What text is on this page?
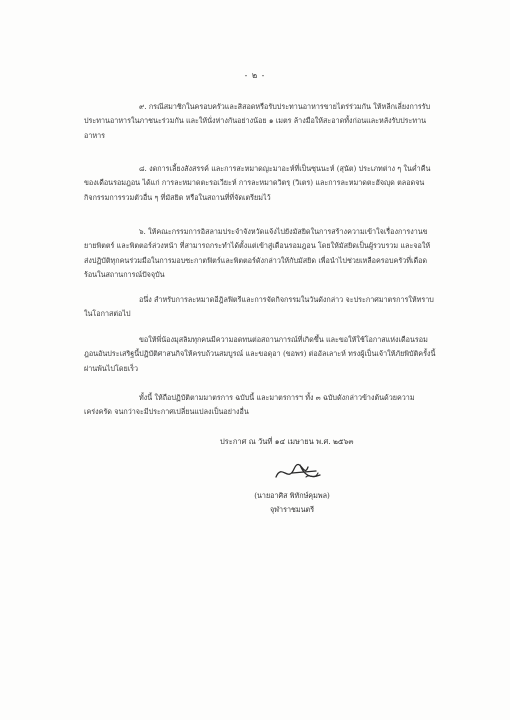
- ๒ -
๙. กรณีสมาชิกในครอบครัวและสิสอดหรือรับประทานอาหารขายไตร่ร่วมกัน ให้หลีกเลี่ยงการรับประทานอาหารในภาชนะร่วมกัน และให้นั่งห่างกันอย่างน้อย ๑ เมตร ล้างมือให้สะอาดทั้งก่อนและหลังรับประทานอาหาร
๘. งดการเลี้ยงสังสรรค์ และการสะหมาดญะมาอะห์ที่เป็นซุนนะห์ (สุนัต) ประเภทต่าง ๆ ในค่ำคืนของเดือนรอมฎอน ได้แก่ การละหมาดตะรอเวียะห์ การละหมาดวิตรฺ (วิเตร) และการละหมาดตะฮัจญุด ตลอดจนกิจกรรมการรวมตัวอื่น ๆ ที่มัสยิด หรือในสถานที่ที่จัดเตรียมไว้
๖. ให้คณะกรรมการอิสลามประจำจังหวัดแจ้งไปยังมัสยิดในการสร้างความเข้าใจเรื่องการงานขยายพิตตร์ และพิตตอร์ล่วงหน้า ที่สามารถกระทำได้ตั้งแต่เข้าสู่เดือนรอมฎอน โดยให้มัสยิดเป็นผู้รวบรวม และจอให้ส่งปฏิบัติทุกคนร่วมมือในการมอบซะกาตฟิตร์และพิตตอร์ดังกล่าวให้กับมัสยิด เพื่อนำไปช่วยเหลือครอบครัวที่เดือดร้อนในสถานการณ์ปัจจุบัน
อนึ่ง สำหรับการละหมาดอีฎิลฟิตรีและการจัดกิจกรรมในวันดังกล่าว จะประกาศมาตรการให้ทราบในโอกาสต่อไป
ขอให้พี่น้องมุสลิมทุกคนมีความอดทนต่อสถานการณ์ที่เกิดขึ้น และขอให้ใช้โอกาสแห่งเดือนรอมฎอนอันประเสริฐนี้ปฏิบัติศาสนกิจให้ครบถ้วนสมบูรณ์ และขอดุอา (ขอพร) ต่ออัลเลาะห์ ทรงผู้เป็นเจ้าให้ภัยพิบัติครั้งนี้ผ่านพ้นไปโดยเร็ว
ทั้งนี้ ให้ถือปฏิบัติตามมาตรการ ฉบับนี้ และมาตรการฯ ทั้ง ๓ ฉบับดังกล่าวข้างต้นด้วยความเคร่งครัด จนกว่าจะมีประกาศเปลี่ยนแปลงเป็นอย่างอื่น
ประกาศ ณ วันที่ ๑๔ เมษายน พ.ศ. ๒๕๖๓
(นายอาศิส พิทักษ์คุมพล)
จุฬาราชมนตรี
